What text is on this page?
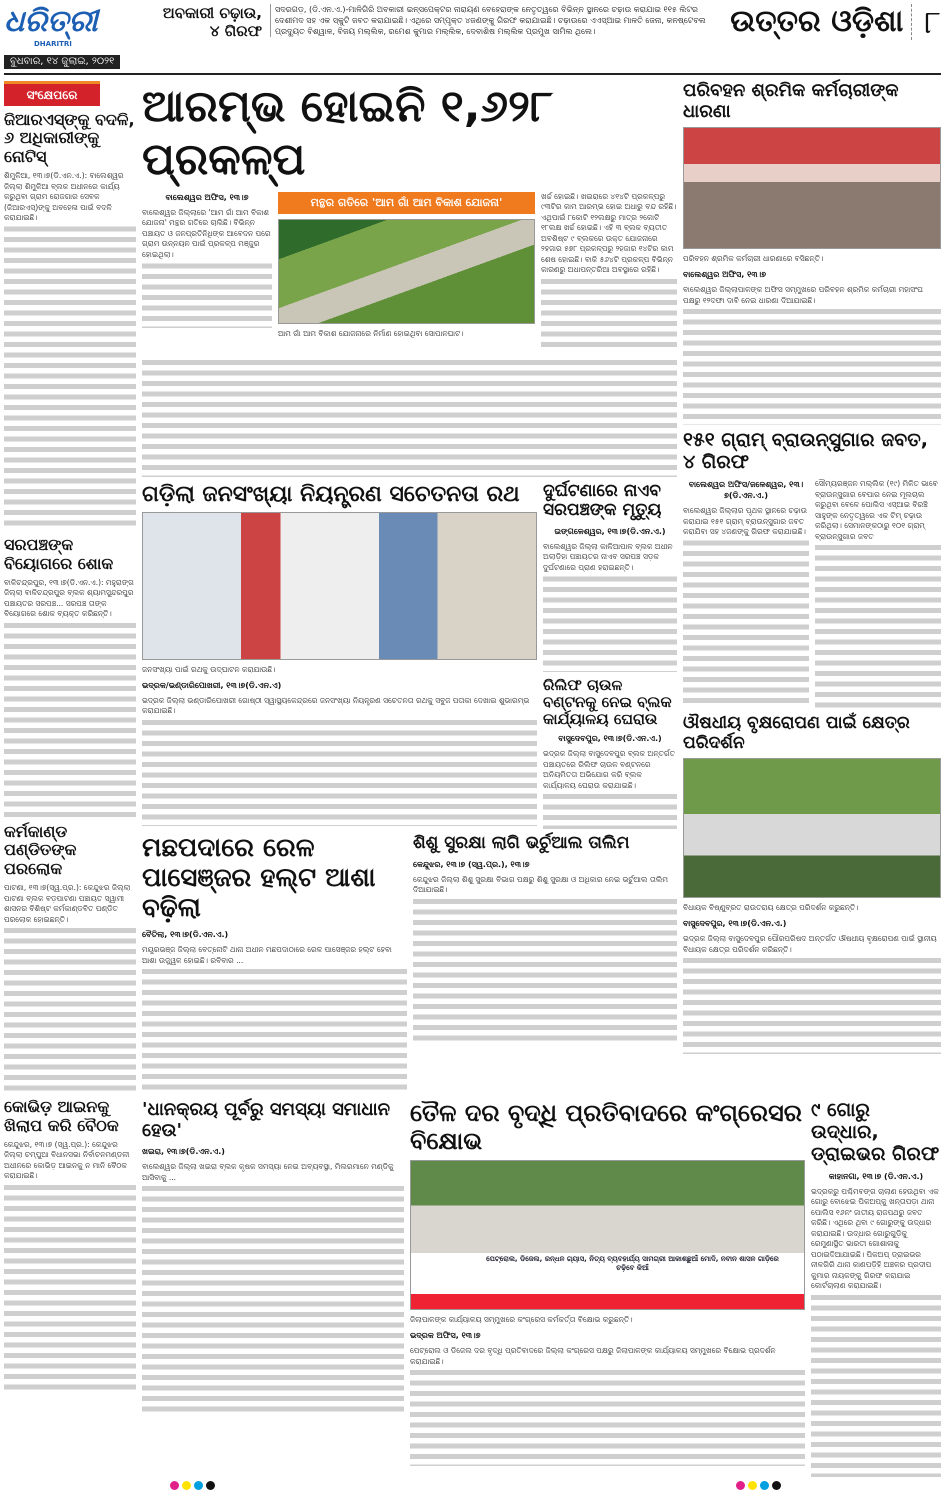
ଧରିତ୍ରୀ
DHARITRI
ବୁଧବାର, ୧୪ ଜୁଲାଇ, ୨୦୨୧
ଅବକାରୀ ଚଢ଼ାଉ, ୪ ଗିରଫ
ସଦରଗଡ଼, (ଡି.ଏନ.ଏ.)-ମାଳିଗିରି ଅବକାରୀ ଇନ୍‌ସପେକ୍ଟର ନାରାୟଣ ବେହେରାଙ୍କ ନେତୃତ୍ୱରେ ବିଭିନ୍ନ ସ୍ଥାନରେ ଚଢ଼ାଉ କରାଯାଇ ୧୧୫ ଲିଟର ଦେଶୀମଦ ସହ ଏକ ସ୍କୁଟି ଜବତ କରାଯାଇଛି। ଏଥିରେ ସମ୍ପୃକ୍ତ ୪ଜଣଙ୍କୁ ଗିରଫ କରାଯାଇଛି। ଚଢ଼ାଉରେ ଏଏସ୍‌ଆଇ ମାଳତି ଜେନା, କନଷ୍ଟେବଲ ପ୍ରଦ୍ୟୁତ ବିଶ୍ୱାଳ, ବିଜୟ ମଲ୍ଲିକ, ରମେଶ କୁମାର ମଲ୍ଲିକ, ଦେବାଶିଷ ମଲ୍ଲିକ ପ୍ରମୁଖ ସାମିଲ ଥିଲେ।	ଉତ୍ତର ଓଡ଼ିଶା ୮
ସଂକ୍ଷେପରେ
ଜିଆରଏସ୍‌ଙ୍କୁ ବଦଳି, ୬ ଅଧିକାରୀଙ୍କୁ ନୋଟିସ୍
ଶିମୁଳିଆ, ୧୩।୭(ଡି.ଏନ.ଏ.): ବାଲେଶ୍ୱର ଜିଲ୍ଲା ଶିମୁଳିଆ ବ୍ଲକ ଅଧୀନରେ କାର୍ଯ୍ୟ କରୁଥିବା ଗ୍ରାମ ରୋଜଗାର ସେବକ (ଜିଆରଏସ୍)ଙ୍କୁ ଅବହେଳା ପାଇଁ ବଦଳି କରାଯାଇଛି।
ସରପଞ୍ଚଙ୍କ ବିୟୋଗରେ ଶୋକ
ବାଳିଚନ୍ଦ୍ରପୁର, ୧୩।୭(ଡି.ଏନ.ଏ.): ମହୁରାଙ୍ଗ ଜିଲ୍ଲା ବାଳିଚନ୍ଦ୍ରପୁର ବ୍ଲକ ଶ୍ୟାମସୁନ୍ଦରପୁର ପଞ୍ଚାୟତର ସରପଞ୍ଚ... ସରପଞ୍ଚ ତାଙ୍କ ବିୟୋଗରେ ଶୋକ ବ୍ୟକ୍ତ କରିଛନ୍ତି।
କର୍ମକାଣ୍ଡ ପଣ୍ଡିତଙ୍କ ପରଲୋକ
ପାଟଣା, ୧୩।୭(ସ୍ୱ.ପ୍ର.): କେନ୍ଦୁଝର ଜିଲ୍ଲା ପାଟଣା ବ୍ଲକ ବଡ଼ପାଟଣା ପଞ୍ଚାୟତ ସ୍ୱାମୀ ଶାସନର ବିଶିଷ୍ଟ କର୍ମକାଣ୍ଡବିତ ପଣ୍ଡିତ ପରଲୋକ ହୋଇଛନ୍ତି।
କୋଭିଡ଼ ଆଇନକୁ ଖିଲାପ କରି ବୈଠକ
କେନ୍ଦୁଝର, ୧୩।୭ (ସ୍ୱ.ପ୍ର.): କେନ୍ଦୁଝର ଜିଲ୍ଲା ଚମ୍ପୁଆ ବିଧାନସଭା ନିର୍ବାଚନମଣ୍ଡଳୀ ଅଧୀନରେ କୋଭିଡ଼ ଆଇନକୁ ନ ମାନି ବୈଠକ କରାଯାଇଛି।
ଆରମ୍ଭ ହୋଇନି ୧,୬୨୮ ପ୍ରକଳ୍ପ
ବାଲେଶ୍ୱର ଅଫିସ, ୧୩।୭
ବାଲେଶ୍ୱର ଜିଲ୍ଲାରେ 'ଆମ ଗାଁ ଆମ ବିକାଶ ଯୋଜନା' ମନ୍ଥର ଗତିରେ ଚାଲିଛି। ବିଭିନ୍ନ ପଞ୍ଚାୟତ ଓ ଜନପ୍ରତିନିଧିଙ୍କ ଆବେଦନ ପରେ ଗ୍ରାମ ଉନ୍ନୟନ ପାଇଁ ପ୍ରକଳ୍ପ ମଞ୍ଜୁର ହୋଇଥିଲା।
ମନ୍ଥର ଗତିରେ 'ଆମ ଗାଁ ଆମ ବିକାଶ ଯୋଜନା'
ଆମ ଗାଁ ଆମ ବିକାଶ ଯୋଜନାରେ ନିର୍ମାଣ ହୋଇଥିବା ସୋପାନଘାଟ।
ଖର୍ଚ୍ଚ ହୋଇଛି। ଖଇରାରେ ୪୧୪ଟି ପ୍ରକଳ୍ପରୁ ୯୩ଟିର କାମ ଆରମ୍ଭ ହୋଇ ଅଧାରୁ ବନ୍ଦ ରହିଛି। ଏଥିପାଇଁ ୮କୋଟି ୧୨ଲକ୍ଷରୁ ମାତ୍ର ୨କୋଟି ୧୮ଲକ୍ଷ ଖର୍ଚ୍ଚ ହୋଇଛି। ଏହି ୩ ବ୍ଲକ ବ୍ୟତୀତ ଅବଶିଷ୍ଟ ୯ ବ୍ଲକରେ ଉକ୍ତ ଯୋଜନାରେ ୨ହଜାର ୫୭୮ ପ୍ରକଳ୍ପରୁ ୨ହଜାର ୧୪ଟିର କାମ ଶେଷ ହୋଇଛି। ବାକି ୫୬୪ଟି ପ୍ରକଳ୍ପ ବିଭିନ୍ନ କାରଣରୁ ଅଧାପନ୍ତରିଆ ଅବସ୍ଥାରେ ରହିଛି।
ଗଡ଼ିଲା ଜନସଂଖ୍ୟା ନିୟନ୍ତ୍ରଣ ସଚେତନତା ରଥ
ଜନସଂଖ୍ୟା ପାଇଁ ରଥକୁ ଉଦ୍‌ଘାଟନ କରାଯାଉଛି।
ଭଦ୍ରକ/ଭଣ୍ଡାରିପୋଖରୀ, ୧୩।୭(ଡି.ଏନ.ଏ)
ଭଦ୍ରକ ଜିଲ୍ଲା ଭଣ୍ଡାରିପୋଖରୀ ଗୋଷ୍ଠୀ ସ୍ୱାସ୍ଥ୍ୟକେନ୍ଦ୍ରରେ ଜନସଂଖ୍ୟା ନିୟନ୍ତ୍ରଣ ସଚେତନତା ରଥକୁ ସବୁଜ ପତାକା ଦେଖାଇ ଶୁଭାରମ୍ଭ କରାଯାଇଛି।
ଦୁର୍ଘଟଣାରେ ନାଏବ ସରପଞ୍ଚଙ୍କ ମୃତ୍ୟୁ
ଇଙ୍ଗଳେଶ୍ୱର, ୧୩।୭(ଡି.ଏନ.ଏ.)
ବାଲେଶ୍ୱର ଜିଲ୍ଲା କାଳିଆପାଳ ବ୍ଲକ ଅଧୀନ ଅଲାଡ଼ିହା ପଞ୍ଚାୟତର ନାଏବ ସରପଞ୍ଚ ସଡ଼କ ଦୁର୍ଘଟଣାରେ ପ୍ରାଣ ହରାଇଛନ୍ତି।
ରିଲିଫ ଚାଉଳ ବଣ୍ଟନକୁ ନେଇ ବ୍ଲକ କାର୍ଯ୍ୟାଳୟ ଘେରାଉ
ବାସୁଦେବପୁର, ୧୩।୭(ଡି.ଏନ.ଏ.)
ଭଦ୍ରକ ଜିଲ୍ଲା ବାସୁଦେବପୁର ବ୍ଲକ ଅନ୍ତର୍ଗତ ପଞ୍ଚାୟତରେ ରିଲିଫ ଚାଉଳ ବଣ୍ଟନରେ ଅନିୟମିତତା ଅଭିଯୋଗ କରି ବ୍ଲକ କାର୍ଯ୍ୟାଳୟ ଘେରାଉ କରାଯାଇଛି।
ମଛପଦାରେ ରେଳ ପାସେଞ୍ଜର ହଲ୍ଟ ଆଶା ବଢ଼ିଲା
ବୈତିଲା, ୧୩।୭(ଡି.ଏନ.ଏ.)
ମୟୂରଭଞ୍ଜ ଜିଲ୍ଲା ବେତ୍‌ନୋଟି ଥାନା ଅଧୀନ ମଛପଦାଠାରେ ରେଳ ପାସେଞ୍ଜର ହଲ୍ଟ ହେବା ଆଶା ଉଜ୍ଜ୍ୱଳ ହୋଇଛି। ରବିବାର ...
ଶିଶୁ ସୁରକ୍ଷା ଲାଗି ଭର୍ଚୁଆଲ ତାଲିମ
କେନ୍ଦୁଝର, ୧୩।୭ (ସ୍ୱ.ପ୍ର.), ୧୩।୭
କେନ୍ଦୁଝର ଜିଲ୍ଲା ଶିଶୁ ସୁରକ୍ଷା ବିଭାଗ ପକ୍ଷରୁ ଶିଶୁ ସୁରକ୍ଷା ଓ ଅଧିକାର ନେଇ ଭର୍ଚୁଆଲ ତାଲିମ ଦିଆଯାଇଛି।
ପରିବହନ ଶ୍ରମିକ କର୍ମଚାରୀଙ୍କ ଧାରଣା
ପରିବହନ ଶ୍ରମିକ କର୍ମଚାରୀ ଧାରଣାରେ ବସିଛନ୍ତି।
ବାଲେଶ୍ୱର ଅଫିସ, ୧୩।୭
ବାଲେଶ୍ୱର ଜିଲ୍ଲାପାଳଙ୍କ ଅଫିସ ସମ୍ମୁଖରେ ପରିବହନ ଶ୍ରମିକ କର୍ମଚାରୀ ମହାସଂଘ ପକ୍ଷରୁ ୧୨ଦଫା ଦାବି ନେଇ ଧାରଣା ଦିଆଯାଇଛି।
୧୫୧ ଗ୍ରାମ୍ ବ୍ରାଉନ୍‌ସୁଗାର ଜବତ, ୪ ଗିରଫ
ବାଲେଶ୍ୱର ଅଫିସ/ଜଳେଶ୍ୱର, ୧୩।୭(ଡି.ଏନ.ଏ.)
ବାଲେଶ୍ୱର ଜିଲ୍ଲାର ପୃଥକ ସ୍ଥାନରେ ଚଢ଼ାଉ କରାଯାଇ ୧୫୧ ଗ୍ରାମ୍ ବ୍ରାଉନ୍‌ସୁଗାର ଜବତ କରାଯିବା ସହ ୪ଜଣଙ୍କୁ ଗିରଫ କରାଯାଇଛି।
ସୌମ୍ୟରଞ୍ଜନ ମଲ୍ଲିକ (୧୯) ମିଳିତ ଭାବେ ବ୍ରାଉନ୍‌ସୁଗାର ବେପାର ନେଇ ମୂଲଚାଲ କରୁଥିବା ବେଳେ ପୋଲିସ ଏସ୍‌ଆଇ ବିରଞ୍ଚି ସାହୁଙ୍କ ନେତୃତ୍ୱରେ ଏକ ଟିମ୍ ଚଢ଼ାଉ କରିଥିଲା। ସେମାନଙ୍କଠାରୁ ୧୦୧ ଗ୍ରାମ୍ ବ୍ରାଉନ୍‌ସୁଗାର ଜବତ
ଔଷଧୀୟ ବୃକ୍ଷରୋପଣ ପାଇଁ କ୍ଷେତ୍ର ପରିଦର୍ଶନ
ବିଧାୟକ ବିଷ୍ଣୁବ୍ରତ ରାଉତରାୟ କ୍ଷେତ୍ର ପରିଦର୍ଶନ କରୁଛନ୍ତି।
ବାସୁଦେବପୁର, ୧୩।୭(ଡି.ଏନ.ଏ.)
ଭଦ୍ରକ ଜିଲ୍ଲା ବାସୁଦେବପୁର ପୌରପରିଷଦ ଅନ୍ତର୍ଗତ ଔଷଧୀୟ ବୃକ୍ଷରୋପଣ ପାଇଁ ସ୍ଥାନୀୟ ବିଧାୟକ କ୍ଷେତ୍ର ପରିଦର୍ଶନ କରିଛନ୍ତି।
'ଧାନକ୍ରୟ ପୂର୍ବରୁ ସମସ୍ୟା ସମାଧାନ ହେଉ'
ଖଇରା, ୧୩।୭(ଡି.ଏନ.ଏ.)
ବାଲେଶ୍ୱର ଜିଲ୍ଲା ଖଇରା ବ୍ଲକ କୃଷକ ସମସ୍ୟା ନେଇ ଅବ୍ୟବସ୍ଥା, ମିଲରମାନେ ମଣ୍ଡିକୁ ଆସିବାକୁ ...
ତୈଳ ଦର ବୃଦ୍ଧି ପ୍ରତିବାଦରେ କଂଗ୍ରେସର ବିକ୍ଷୋଭ
ପେଟ୍ରୋଲ, ଡିଜେଲ, ରନ୍ଧନ ଗ୍ୟାସ, ନିତ୍ୟ ବ୍ୟବହାର୍ଯ୍ୟ ସାମଗ୍ରୀ ଆକାଶଛୁଆଁ ମୋଦି, ନବୀନ ଶାସନ ଗାଡ଼ିରେ ଚଢ଼ିବେ କିଆଁ
ଜିଲାପାଳଙ୍କ କାର୍ଯ୍ୟାଳୟ ସମ୍ମୁଖରେ କଂଗ୍ରେସ କର୍ମକର୍ତ୍ତା ବିକ୍ଷୋଭ କରୁଛନ୍ତି।
ଭଦ୍ରକ ଅଫିସ, ୧୩।୭
ପେଟ୍ରୋଲ ଓ ଡିଜେଲ ଦର ବୃଦ୍ଧି ପ୍ରତିବାଦରେ ଜିଲ୍ଲା କଂଗ୍ରେସ ପକ୍ଷରୁ ଜିଲାପାଳଙ୍କ କାର୍ଯ୍ୟାଳୟ ସମ୍ମୁଖରେ ବିକ୍ଷୋଭ ପ୍ରଦର୍ଶନ କରାଯାଇଛି।
୯ ଗୋରୁ ଉଦ୍ଧାର, ଡ୍ରାଇଭର ଗିରଫ
କାହାନଗା, ୧୩।୭ (ଡି.ଏନ.ଏ.)
ଭଦ୍ରକରୁ ପଶ୍ଚିମବଙ୍ଗ ଚାଲାଣ ହେଉଥିବା ଏକ ଗୋରୁ ବୋଝେଇ ପିକଅପ୍‌କୁ ଖନ୍ତାପଡ଼ା ଥାନା ପୋଲିସ ୧୬ନଂ ଜାତୀୟ ରାଜପଥରୁ ଜବତ କରିଛି। ଏଥିରେ ଥିବା ୯ ଗୋରୁଙ୍କୁ ଉଦ୍ଧାର କରାଯାଇଛି। ଉଦ୍ଧାର ଗୋରୁଗୁଡ଼ିକୁ ରେମୁଣାସ୍ଥିତ ଭାରତୀ ଗୋଶାଳାକୁ ପଠାଇଦିଆଯାଇଛି। ପିକଅପ୍ ଡ୍ରାଇଭର ନୀଳଗିରି ଥାନା କାଣପଡ଼ିହି ଅଞ୍ଚଳର ପ୍ରଦୀପ କୁମାର ନାୟକଙ୍କୁ ଗିରଫ କରାଯାଇ କୋର୍ଟଚାଲାଣ କରାଯାଇଛି।
